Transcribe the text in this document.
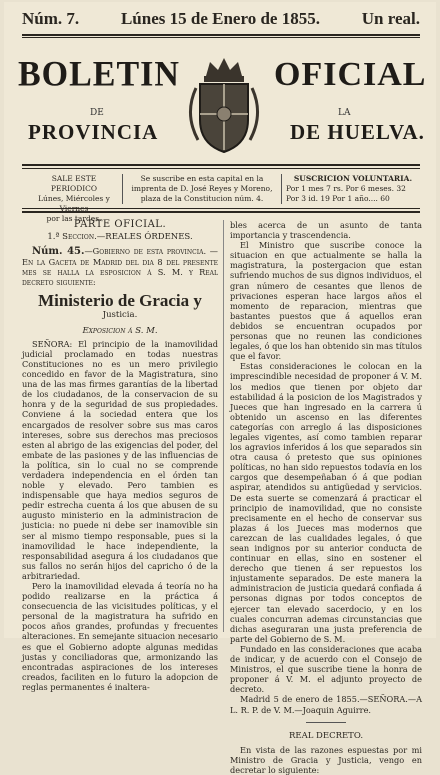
Núm. 7. Lúnes 15 de Enero de 1855. Un real.
BOLETIN	OFICIAL
DE	LA
PROVINCIA	DE HUELVA.
SALE ESTE PERIODICO
Lúnes, Miércoles y
por las tardes.
Se suscribe en esta capital en la
imprenta de D. José Reyes y Moreno,
plaza de la Constitucion núm. 4.
SUSCRICION VOLUNTARIA.
Por 1 mes 7 rs. Por 6 meses. 32
Por 3 id. 19 Por 1 año.... 60
PARTE OFICIAL.
1.ª Seccion.—REALES ÓRDENES.

Núm. 45.—Gobierno de esta provincia. —En la Gaceta de Madrid del dia 8 del presente mes se halla la esposicion á S. M. y Real decreto siguiente:

Ministerio de Gracia y
Justicia.
Exposicion á S. M.

SEÑORA: El principio de la inamovilidad judicial proclamado en todas nuestras Constituciones no es un mero privilegio concedido en favor de la Magistratura, sino una de las mas firmes garantías de la libertad de los ciudadanos, de la conservacion de su honra y de la seguridad de sus propiedades. Conviene á la sociedad entera que los encargados de resolver sobre sus mas caros intereses, sobre sus derechos mas preciosos esten al abrigo de las exigencias del poder, del embate de las pasiones y de las influencias de la política, sin lo cual no se comprende verdadera independencia en el órden tan noble y elevado. Pero tambien es indispensable que haya medios seguros de pedir estrecha cuenta á los que abusen de su augusto ministerio en la administracion de justicia: no puede ni debe ser inamovible sin ser al mismo tiempo responsable, pues si la inamovilidad le hace independiente, la responsabilidad asegura á los ciudadanos que sus fallos no serán hijos del capricho ó de la arbitrariedad.

Pero la inamovilidad elevada á teoría no ha podido realizarse en la práctica á consecuencia de las vicisitudes políticas, y el personal de la magistratura ha sufrido en pocos años grandes, profundas y frecuentes alteraciones. En semejante situacion necesario es que el Gobierno adopte algunas medidas justas y conciliadoras que, armonizando las encontradas aspiraciones de los intereses creados, faciliten en lo futuro la adopcion de reglas permanentes é inaltera-

bles acerca de un asunto de tanta importancia y trascendencia.

El Ministro que suscribe conoce la situacion en que actualmente se halla la magistratura, la postergacion que estan sufriendo muchos de sus dignos individuos, el gran número de cesantes que llenos de privaciones esperan hace largos años el momento de reparacion, mientras que bastantes puestos que á aquellos eran debidos se encuentran ocupados por personas que no reunen las condiciones legales, ó que los han obtenido sin mas títulos que el favor.

Estas consideraciones le colocan en la imprescindible necesidad de proponer á V. M. los medios que tienen por objeto dar estabilidad á la posicion de los Magistrados y Jueces que han ingresado en la carrera ú obtenido un ascenso en las diferentes categorías con arreglo á las disposiciones legales vigentes, así como tambien reparar los agravios inferidos á los que separados sin otra causa ó pretesto que sus opiniones políticas, no han sido repuestos todavía en los cargos que desempeñaban ó á que podian aspirar, atendidos su antigüedad y servicios. De esta suerte se comenzará á practicar el principio de inamovilidad, que no consiste precisamente en el hecho de conservar sus plazas á los Jueces mas modernos que carezcan de las cualidades legales, ó que sean indignos por su anterior conducta de continuar en ellas, sino en sostener el derecho que tienen á ser repuestos los injustamente separados. De este manera la administracion de justicia quedará confiada á personas dignas por todos conceptos de ejercer tan elevado sacerdocio, y en los cuales concurran ademas circunstancias que dichas aseguraran una justa preferencia de parte del Gobierno de S. M.

Fundado en las consideraciones que acaba de indicar, y de acuerdo con el Consejo de Ministros, el que suscribe tiene la honra de proponer á V. M. el adjunto proyecto de decreto.

Madrid 5 de enero de 1855.—SEÑORA.—A L. R. P. de V. M.—Joaquin Aguirre.

REAL DECRETO.

En vista de las razones espuestas por mi Ministro de Gracia y Justicia, vengo en decretar lo siguiente:
